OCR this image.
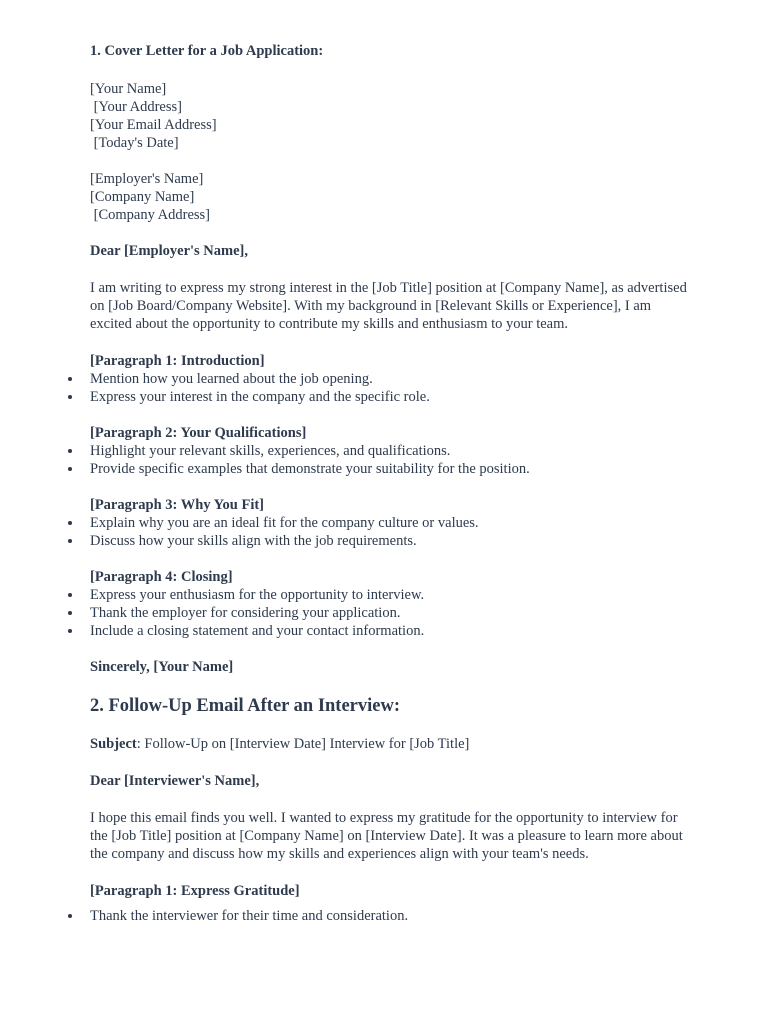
1. Cover Letter for a Job Application:
[Your Name]
[Your Address]
[Your Email Address]
[Today's Date]
[Employer's Name]
[Company Name]
[Company Address]
Dear [Employer's Name],
I am writing to express my strong interest in the [Job Title] position at [Company Name], as advertised on [Job Board/Company Website]. With my background in [Relevant Skills or Experience], I am excited about the opportunity to contribute my skills and enthusiasm to your team.
[Paragraph 1: Introduction]
Mention how you learned about the job opening.
Express your interest in the company and the specific role.
[Paragraph 2: Your Qualifications]
Highlight your relevant skills, experiences, and qualifications.
Provide specific examples that demonstrate your suitability for the position.
[Paragraph 3: Why You Fit]
Explain why you are an ideal fit for the company culture or values.
Discuss how your skills align with the job requirements.
[Paragraph 4: Closing]
Express your enthusiasm for the opportunity to interview.
Thank the employer for considering your application.
Include a closing statement and your contact information.
Sincerely, [Your Name]
2. Follow-Up Email After an Interview:
Subject: Follow-Up on [Interview Date] Interview for [Job Title]
Dear [Interviewer's Name],
I hope this email finds you well. I wanted to express my gratitude for the opportunity to interview for the [Job Title] position at [Company Name] on [Interview Date]. It was a pleasure to learn more about the company and discuss how my skills and experiences align with your team's needs.
[Paragraph 1: Express Gratitude]
Thank the interviewer for their time and consideration.
